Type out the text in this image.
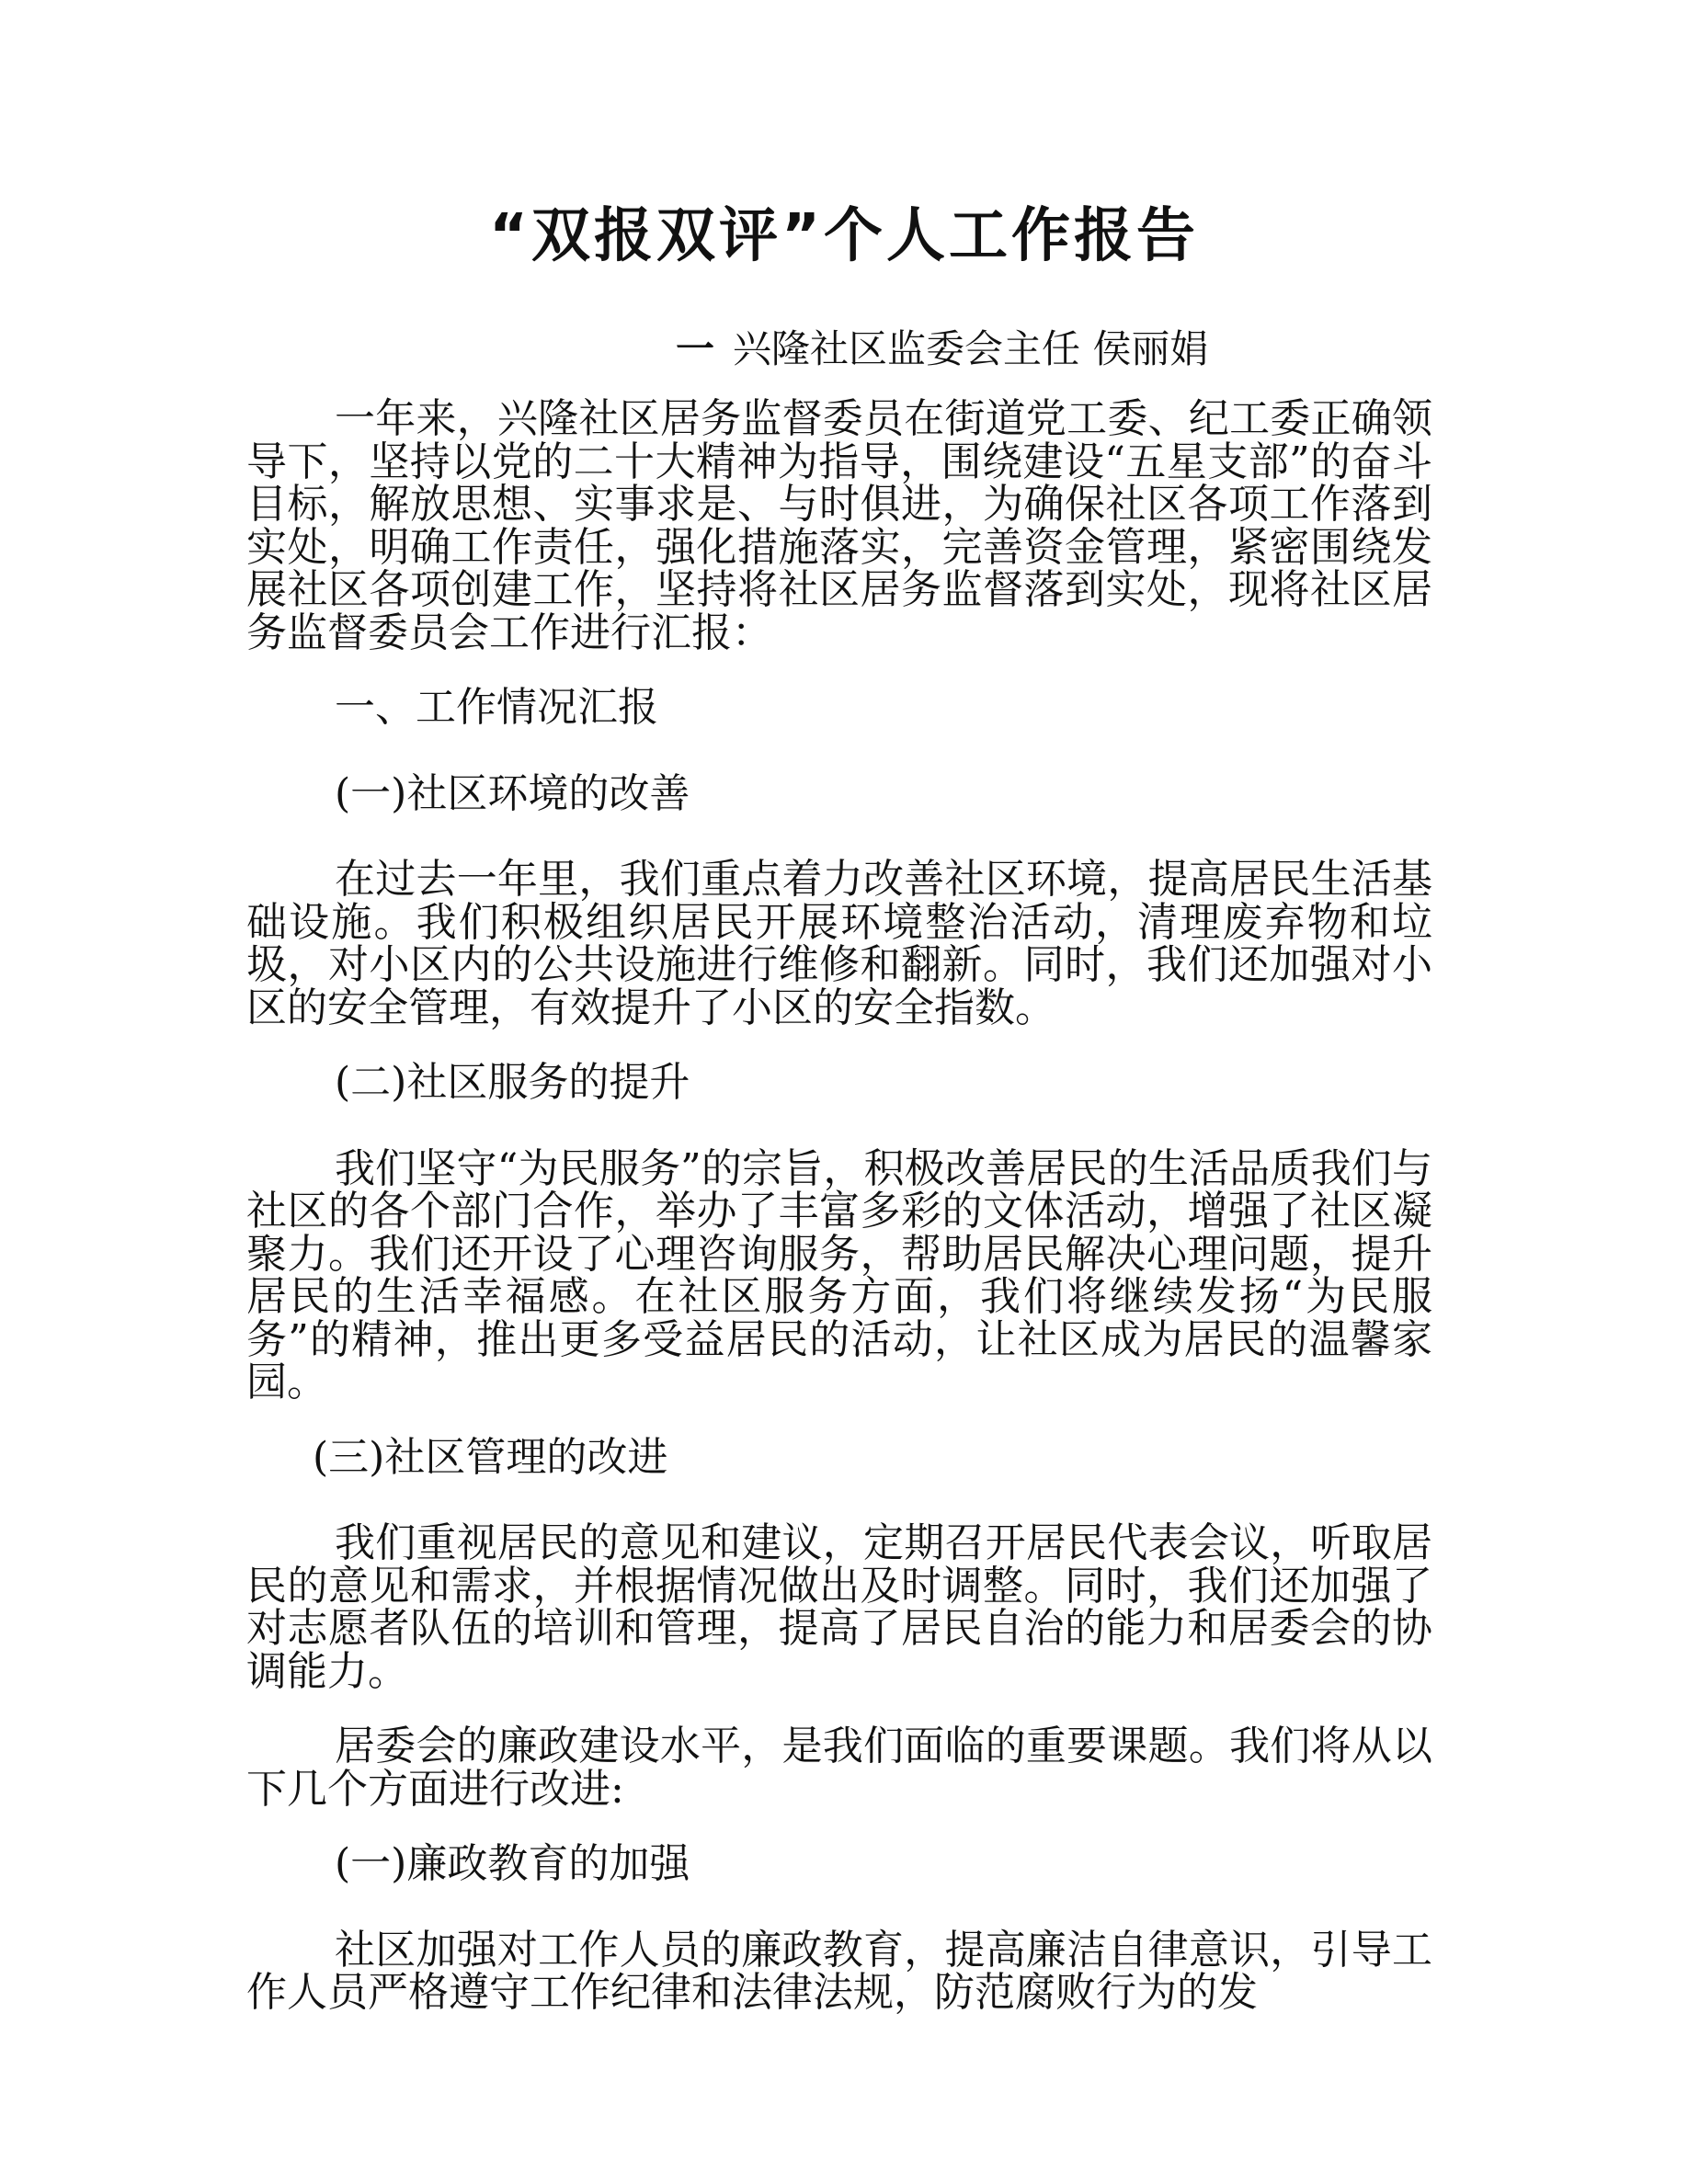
“双报双评”个人工作报告
一 兴隆社区监委会主任 侯丽娟

一年来，兴隆社区居务监督委员在街道党工委、纪工委正确领导下，坚持以党的二十大精神为指导，围绕建设“五星支部”的奋斗目标，解放思想、实事求是、与时俱进，为确保社区各项工作落到实处，明确工作责任，强化措施落实，完善资金管理，紧密围绕发展社区各项创建工作，坚持将社区居务监督落到实处，现将社区居务监督委员会工作进行汇报：

一、工作情况汇报

(一)社区环境的改善

在过去一年里，我们重点着力改善社区环境，提高居民生活基础设施。我们积极组织居民开展环境整治活动，清理废弃物和垃圾，对小区内的公共设施进行维修和翻新。同时，我们还加强对小区的安全管理，有效提升了小区的安全指数。

(二)社区服务的提升

我们坚守“为民服务”的宗旨，积极改善居民的生活品质我们与社区的各个部门合作，举办了丰富多彩的文体活动，增强了社区凝聚力。我们还开设了心理咨询服务，帮助居民解决心理问题，提升居民的生活幸福感。在社区服务方面，我们将继续发扬“为民服务”的精神，推出更多受益居民的活动，让社区成为居民的温馨家园。

(三)社区管理的改进

我们重视居民的意见和建议，定期召开居民代表会议，听取居民的意见和需求，并根据情况做出及时调整。同时，我们还加强了对志愿者队伍的培训和管理，提高了居民自治的能力和居委会的协调能力。

居委会的廉政建设水平，是我们面临的重要课题。我们将从以下几个方面进行改进:

(一)廉政教育的加强

社区加强对工作人员的廉政教育，提高廉洁自律意识，引导工作人员严格遵守工作纪律和法律法规，防范腐败行为的发
